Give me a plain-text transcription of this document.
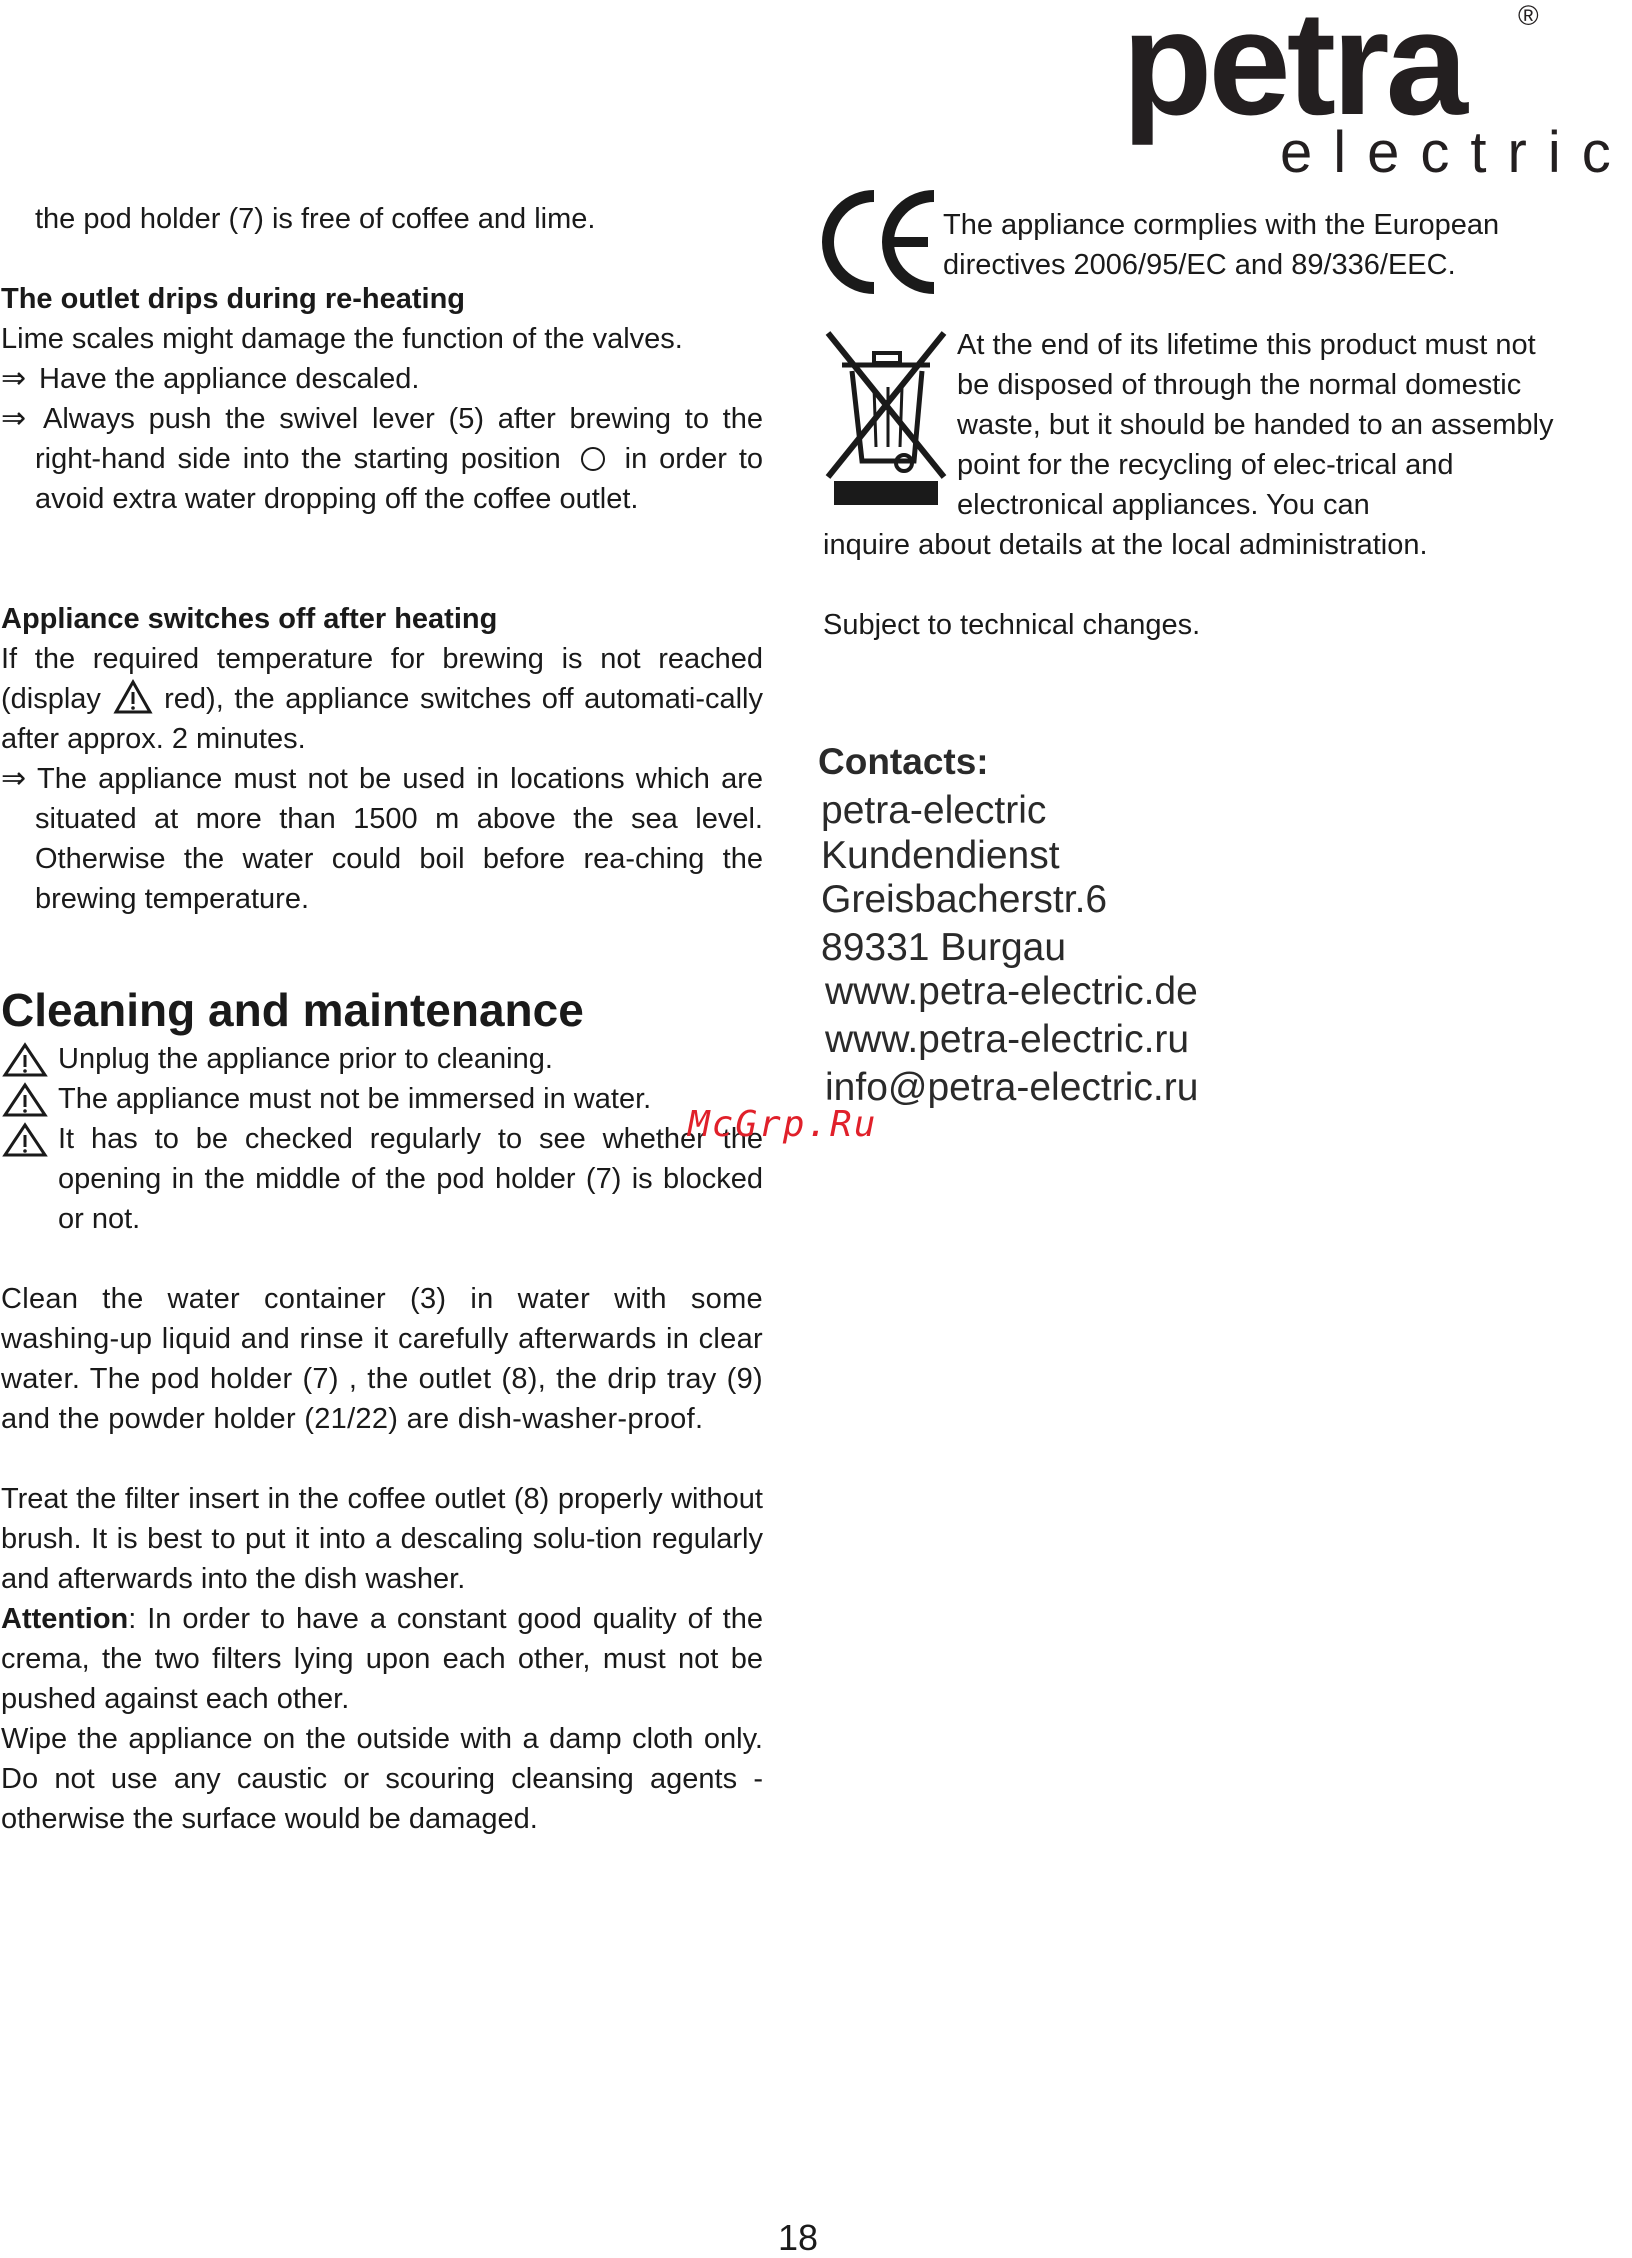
petra ®
electric
the pod holder (7) is free of coffee and lime.
The outlet drips during re-heating
Lime scales might damage the function of the valves.
⇒ Have the appliance descaled.
⇒ Always push the swivel lever (5) after brewing to the right-hand side into the starting position in order to avoid extra water dropping off the coffee outlet.
Appliance switches off after heating
If the required temperature for brewing is not reached (display red), the appliance switches off automati-cally after approx. 2 minutes.
⇒ The appliance must not be used in locations which are situated at more than 1500 m above the sea level. Otherwise the water could boil before rea-ching the brewing temperature.
Cleaning and maintenance
Unplug the appliance prior to cleaning.
The appliance must not be immersed in water.
It has to be checked regularly to see whether the opening in the middle of the pod holder (7) is blocked or not.
Clean the water container (3) in water with some washing-up liquid and rinse it carefully afterwards in clear water. The pod holder (7) , the outlet (8), the drip tray (9) and the powder holder (21/22) are dish-washer-proof.
Treat the filter insert in the coffee outlet (8) properly without brush. It is best to put it into a descaling solu-tion regularly and afterwards into the dish washer.
Attention: In order to have a constant good quality of the crema, the two filters lying upon each other, must not be pushed against each other.
Wipe the appliance on the outside with a damp cloth only. Do not use any caustic or scouring cleansing agents - otherwise the surface would be damaged.
The appliance cormplies with the European directives 2006/95/EC and 89/336/EEC.
At the end of its lifetime this product must not be disposed of through the normal domestic waste, but it should be handed to an assembly point for the recycling of elec-trical and electronical appliances. You can
inquire about details at the local administration.
Subject to technical changes.
Contacts:
petra-electric
Kundendienst
Greisbacherstr.6
89331 Burgau
www.petra-electric.de
www.petra-electric.ru
info@petra-electric.ru
McGrp.Ru
18
